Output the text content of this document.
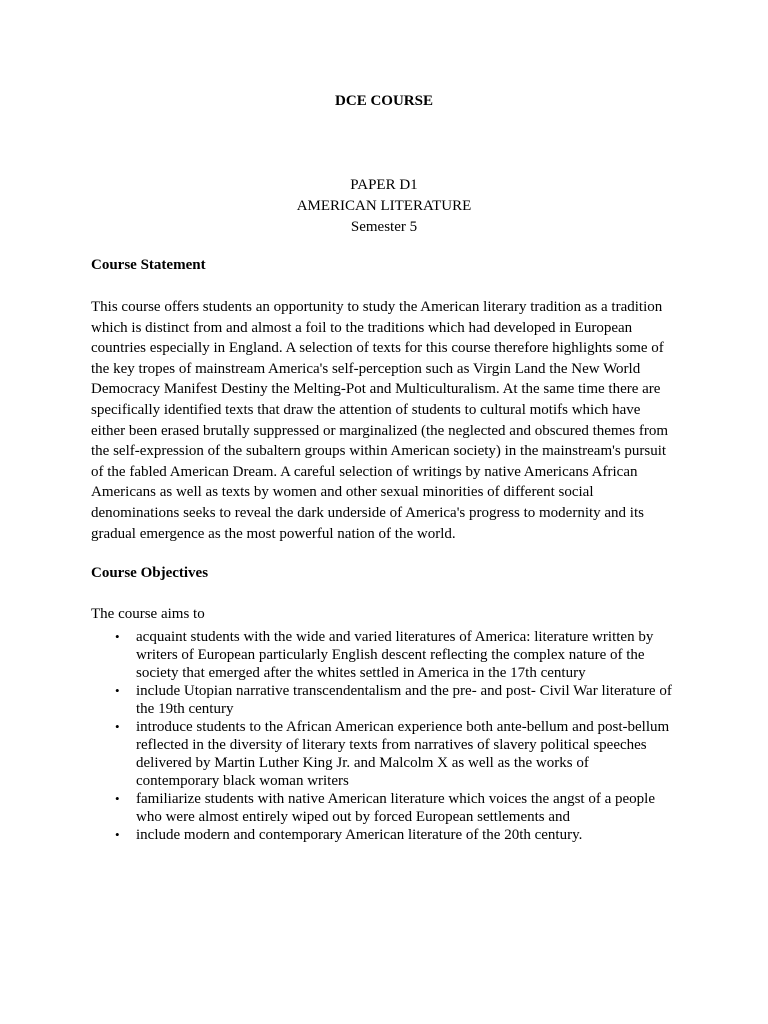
DCE COURSE
PAPER D1
AMERICAN LITERATURE
Semester 5
Course Statement

This course offers students an opportunity to study the American literary tradition as a tradition
which is distinct from and almost a foil to the traditions which had developed in European
countries especially in England. A selection of texts for this course therefore highlights some of
the key tropes of mainstream America's self-perception such as Virgin Land the New World
Democracy Manifest Destiny the Melting-Pot and Multiculturalism. At the same time there are
specifically identified texts that draw the attention of students to cultural motifs which have
either been erased brutally suppressed or marginalized (the neglected and obscured themes from
the self-expression of the subaltern groups within American society) in the mainstream's pursuit
of the fabled American Dream. A careful selection of writings by native Americans African
Americans as well as texts by women and other sexual minorities of different social
denominations seeks to reveal the dark underside of America's progress to modernity and its
gradual emergence as the most powerful nation of the world.

Course Objectives
The course aims to
• acquaint students with the wide and varied literatures of America: literature written by
writers of European particularly English descent reflecting the complex nature of the
society that emerged after the whites settled in America in the 17th century
• include Utopian narrative transcendentalism and the pre- and post- Civil War literature of
the 19th century
• introduce students to the African American experience both ante-bellum and post-bellum
reflected in the diversity of literary texts from narratives of slavery political speeches
delivered by Martin Luther King Jr. and Malcolm X as well as the works of
contemporary black woman writers
• familiarize students with native American literature which voices the angst of a people
who were almost entirely wiped out by forced European settlements and
• include modern and contemporary American literature of the 20th century.
